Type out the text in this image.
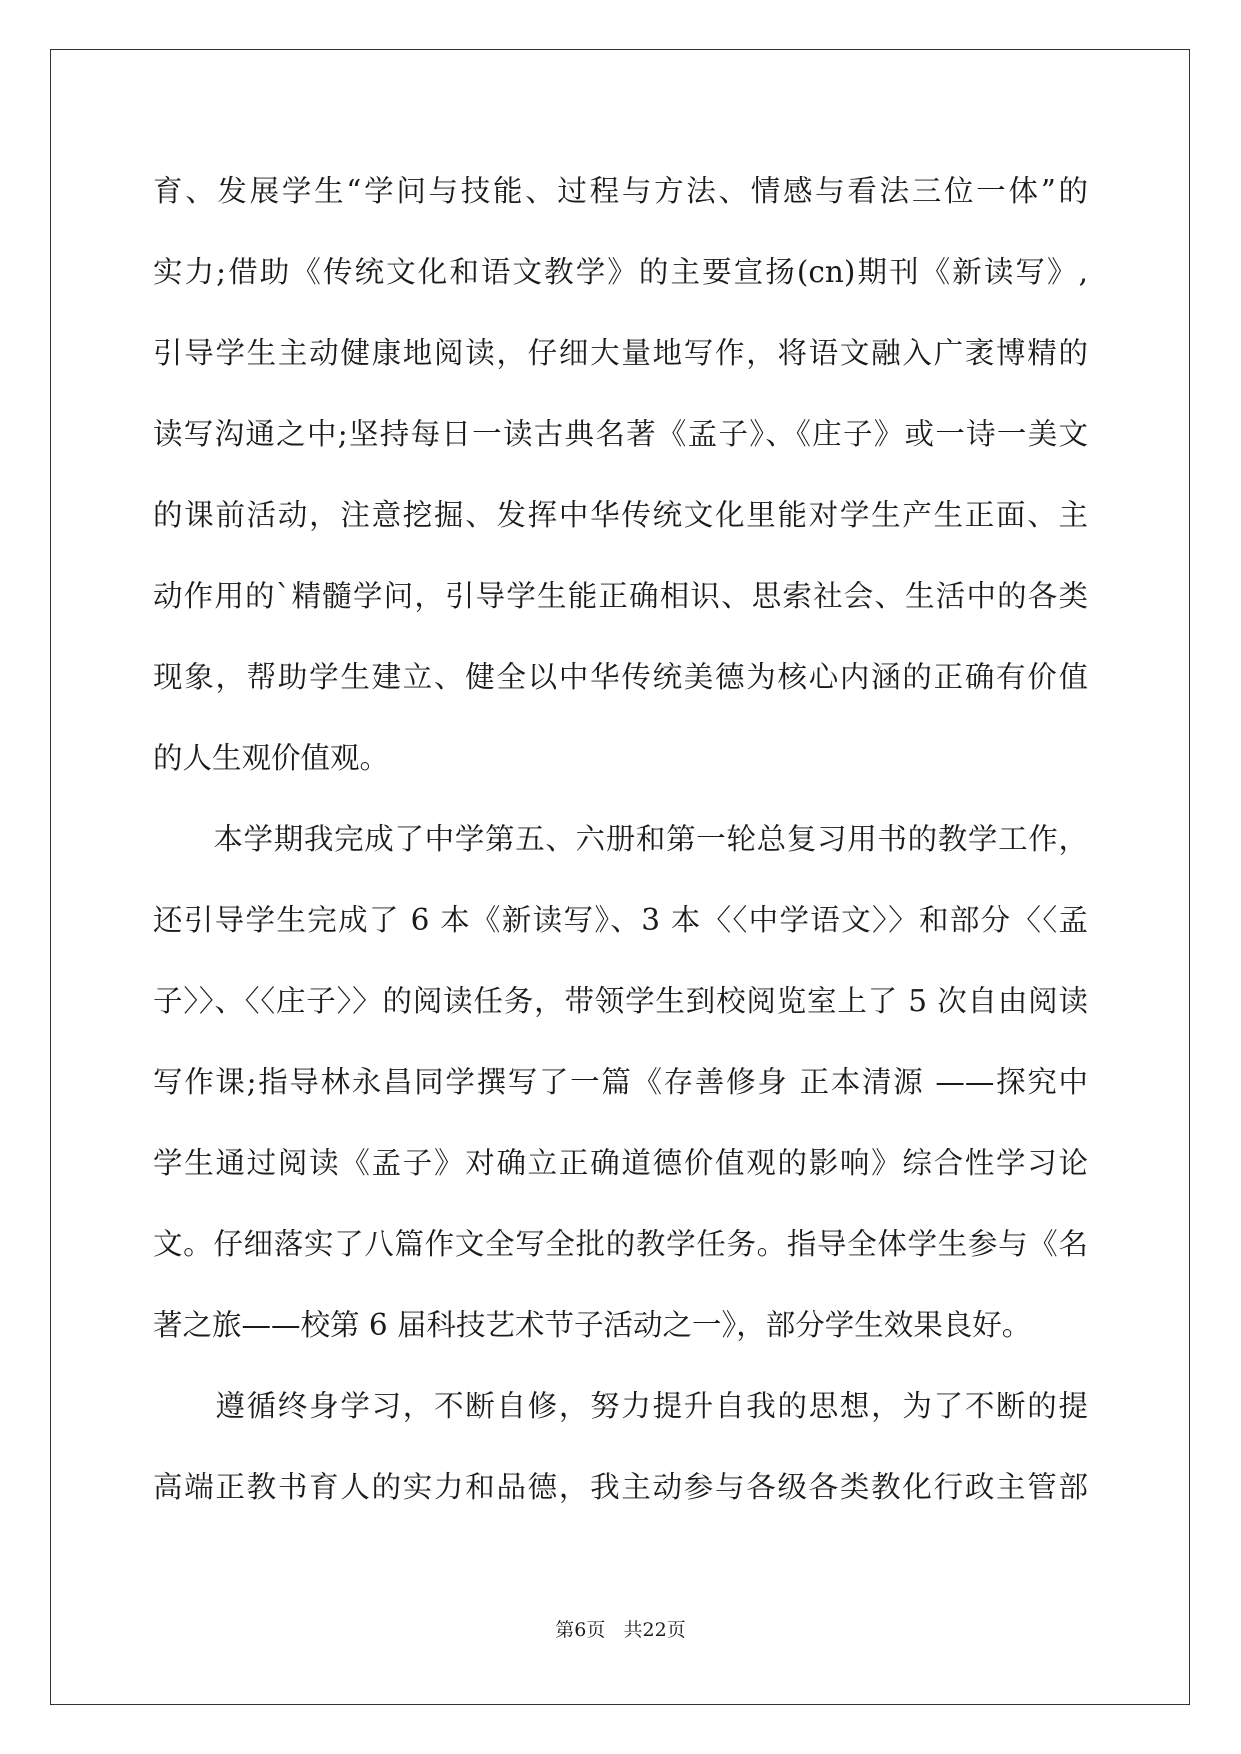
育、发展学生“学问与技能、过程与方法、情感与看法三位一体”的
实力;借助《传统文化和语文教学》的主要宣扬(cn)期刊《新读写》,
引导学生主动健康地阅读，仔细大量地写作，将语文融入广袤博精的
读写沟通之中;坚持每日一读古典名著《孟子》、《庄子》或一诗一美文
的课前活动，注意挖掘、发挥中华传统文化里能对学生产生正面、主
动作用的`精髓学问，引导学生能正确相识、思索社会、生活中的各类
现象，帮助学生建立、健全以中华传统美德为核心内涵的正确有价值
的人生观价值观。
　　本学期我完成了中学第五、六册和第一轮总复习用书的教学工作，
还引导学生完成了 6 本《新读写》、3 本〈〈中学语文〉〉和部分〈〈孟
子〉〉、〈〈庄子〉〉的阅读任务，带领学生到校阅览室上了 5 次自由阅读
写作课;指导林永昌同学撰写了一篇《存善修身 正本清源 ——探究中
学生通过阅读《孟子》对确立正确道德价值观的影响》综合性学习论
文。仔细落实了八篇作文全写全批的教学任务。指导全体学生参与《名
著之旅——校第 6 届科技艺术节子活动之一》，部分学生效果良好。
　　遵循终身学习，不断自修，努力提升自我的思想，为了不断的提
高端正教书育人的实力和品德，我主动参与各级各类教化行政主管部
第6页   共22页
